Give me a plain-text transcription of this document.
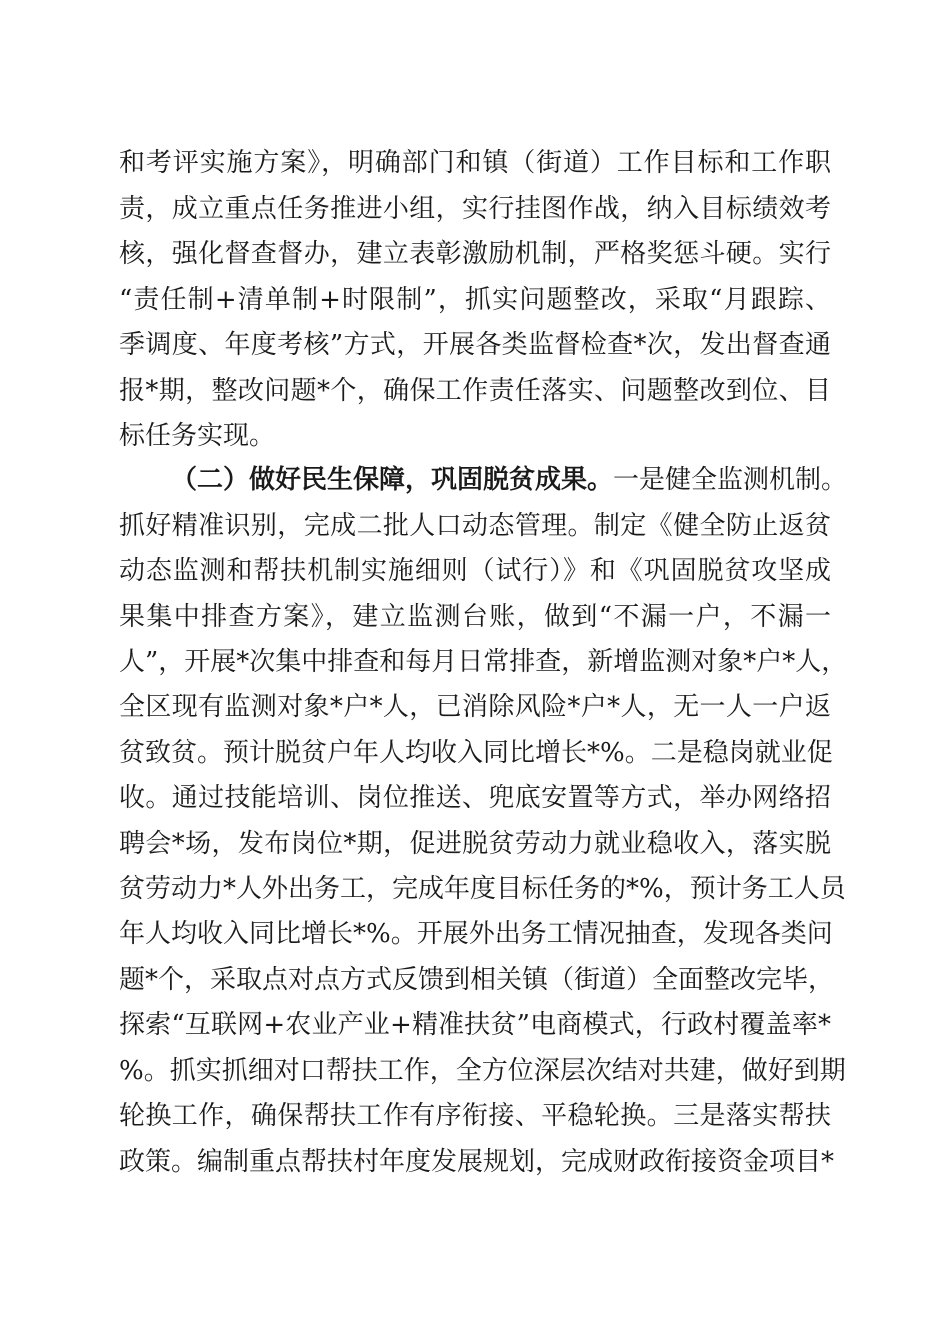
和考评实施方案》，明确部门和镇（街道）工作目标和工作职
责，成立重点任务推进小组，实行挂图作战，纳入目标绩效考
核，强化督查督办，建立表彰激励机制，严格奖惩斗硬。实行
“责任制+清单制+时限制”，抓实问题整改，采取“月跟踪、
季调度、年度考核”方式，开展各类监督检查*次，发出督查通
报*期，整改问题*个，确保工作责任落实、问题整改到位、目
标任务实现。
（二）做好民生保障，巩固脱贫成果。一是健全监测机制。
抓好精准识别，完成二批人口动态管理。制定《健全防止返贫
动态监测和帮扶机制实施细则（试行）》和《巩固脱贫攻坚成
果集中排查方案》，建立监测台账，做到“不漏一户，不漏一
人”，开展*次集中排查和每月日常排查，新增监测对象*户*人，
全区现有监测对象*户*人，已消除风险*户*人，无一人一户返
贫致贫。预计脱贫户年人均收入同比增长*%。二是稳岗就业促
收。通过技能培训、岗位推送、兜底安置等方式，举办网络招
聘会*场，发布岗位*期，促进脱贫劳动力就业稳收入，落实脱
贫劳动力*人外出务工，完成年度目标任务的*%，预计务工人员
年人均收入同比增长*%。开展外出务工情况抽查，发现各类问
题*个，采取点对点方式反馈到相关镇（街道）全面整改完毕，
探索“互联网+农业产业+精准扶贫”电商模式，行政村覆盖率*
%。抓实抓细对口帮扶工作，全方位深层次结对共建，做好到期
轮换工作，确保帮扶工作有序衔接、平稳轮换。三是落实帮扶
政策。编制重点帮扶村年度发展规划，完成财政衔接资金项目*
